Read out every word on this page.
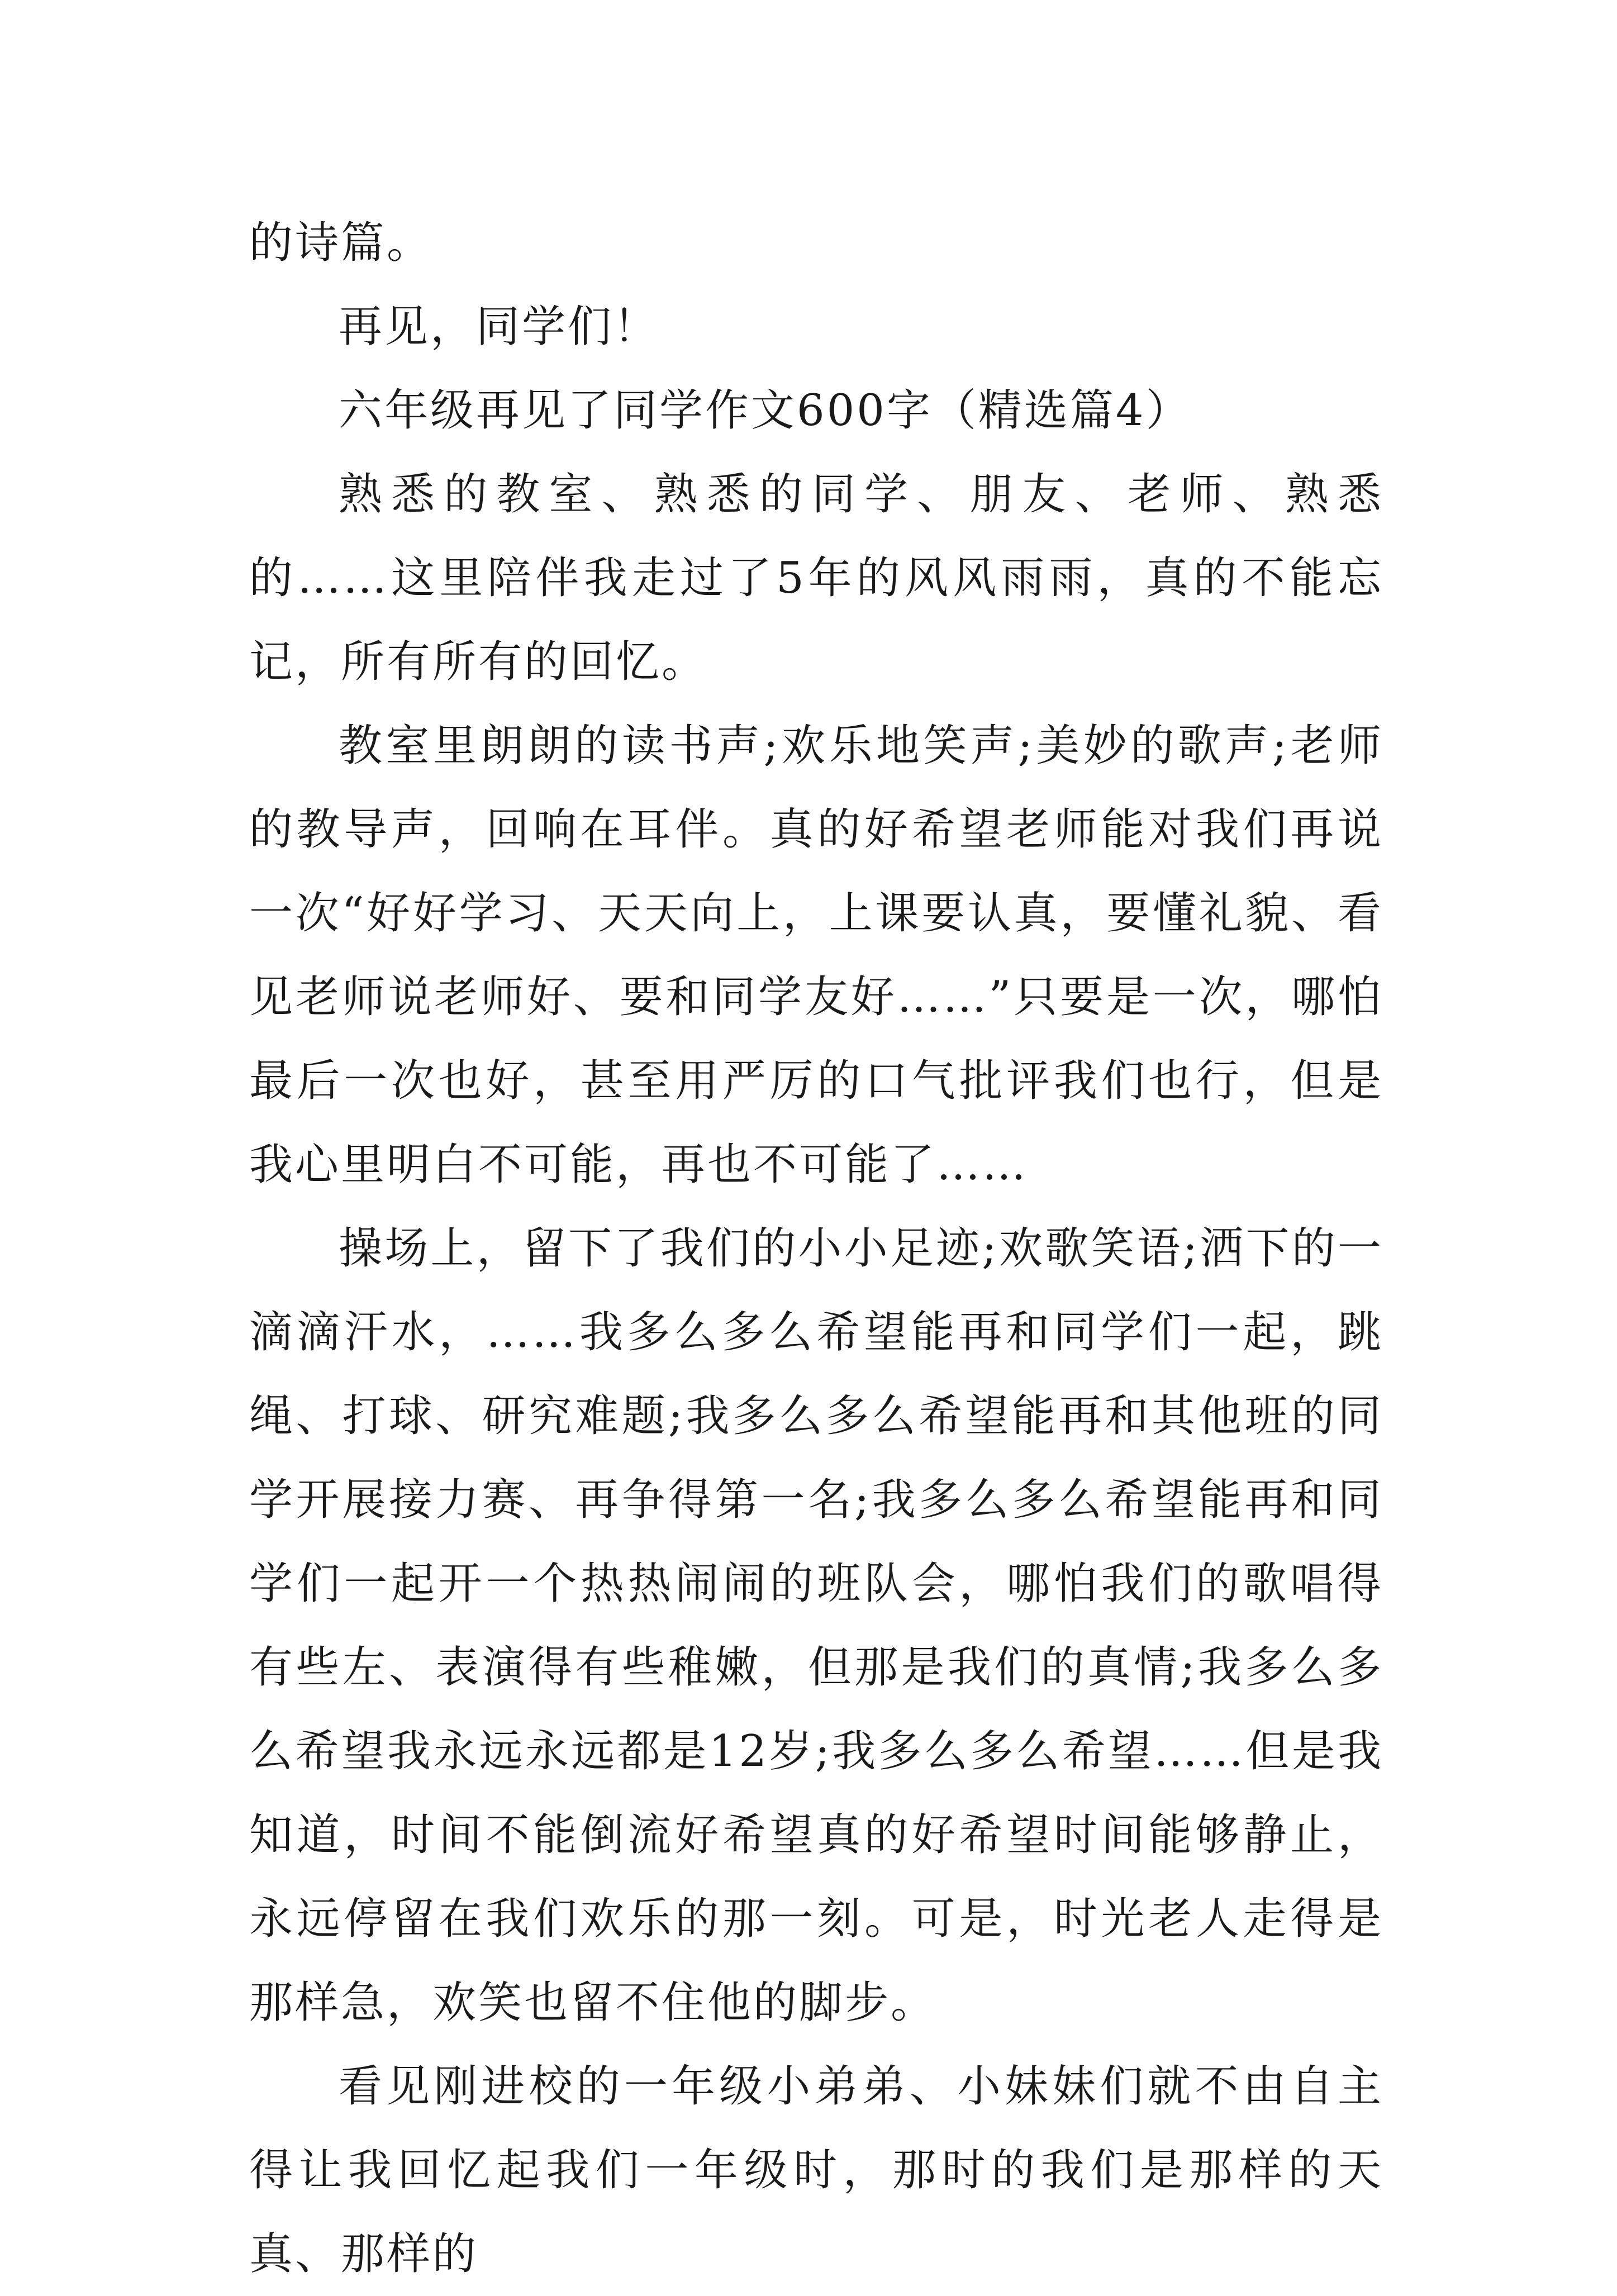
的诗篇。

再见，同学们！

六年级再见了同学作文600字（精选篇4）

熟悉的教室、熟悉的同学、朋友、老师、熟悉的……这里陪伴我走过了5年的风风雨雨，真的不能忘记，所有所有的回忆。

教室里朗朗的读书声;欢乐地笑声;美妙的歌声;老师的教导声，回响在耳伴。真的好希望老师能对我们再说一次“好好学习、天天向上，上课要认真，要懂礼貌、看见老师说老师好、要和同学友好……”只要是一次，哪怕最后一次也好，甚至用严厉的口气批评我们也行，但是我心里明白不可能，再也不可能了……

操场上，留下了我们的小小足迹;欢歌笑语;洒下的一滴滴汗水，……我多么多么希望能再和同学们一起，跳绳、打球、研究难题;我多么多么希望能再和其他班的同学开展接力赛、再争得第一名;我多么多么希望能再和同学们一起开一个热热闹闹的班队会，哪怕我们的歌唱得有些左、表演得有些稚嫩，但那是我们的真情;我多么多么希望我永远永远都是12岁;我多么多么希望……但是我知道，时间不能倒流好希望真的好希望时间能够静止，永远停留在我们欢乐的那一刻。可是，时光老人走得是那样急，欢笑也留不住他的脚步。

看见刚进校的一年级小弟弟、小妹妹们就不由自主得让我回忆起我们一年级时，那时的我们是那样的天真、那样的
